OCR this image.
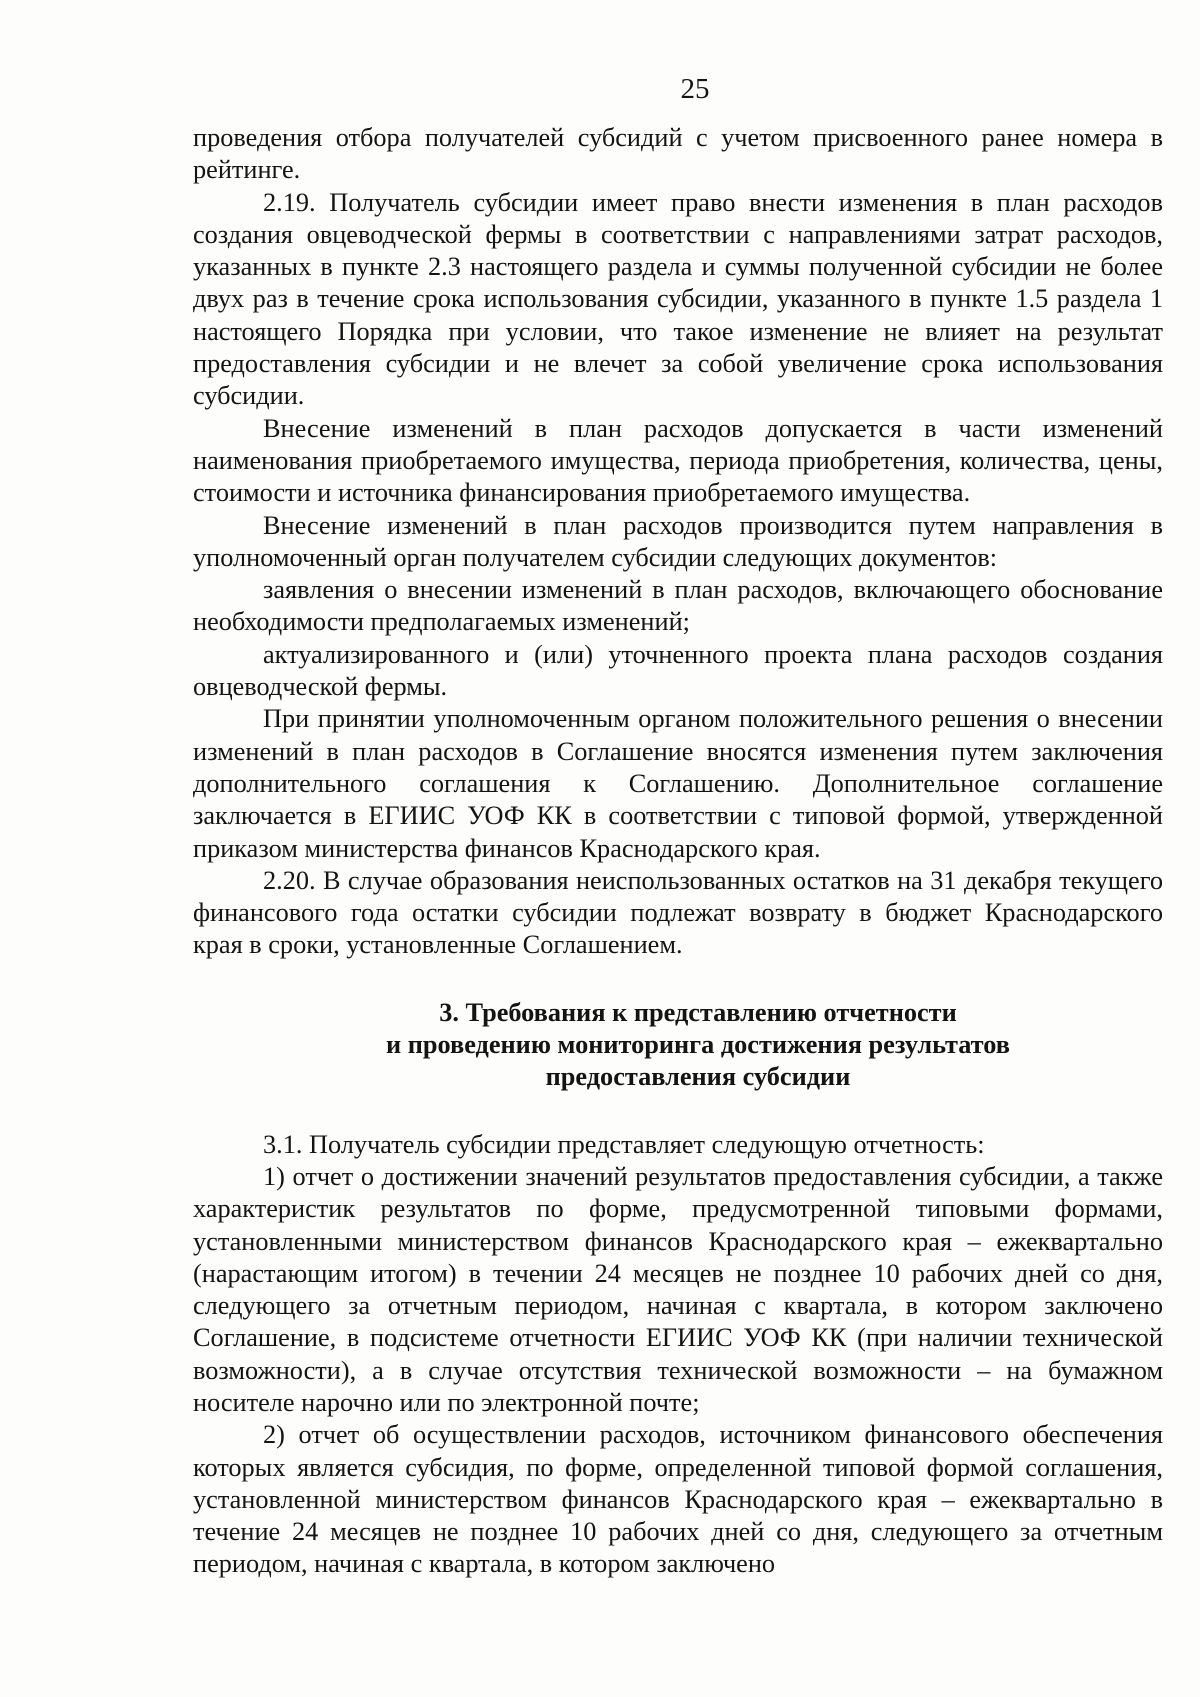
25

проведения отбора получателей субсидий с учетом присвоенного ранее номера в рейтинге.

2.19. Получатель субсидии имеет право внести изменения в план расходов создания овцеводческой фермы в соответствии с направлениями затрат расходов, указанных в пункте 2.3 настоящего раздела и суммы полученной субсидии не более двух раз в течение срока использования субсидии, указанного в пункте 1.5 раздела 1 настоящего Порядка при условии, что такое изменение не влияет на результат предоставления субсидии и не влечет за собой увеличение срока использования субсидии.

Внесение изменений в план расходов допускается в части изменений наименования приобретаемого имущества, периода приобретения, количества, цены, стоимости и источника финансирования приобретаемого имущества.

Внесение изменений в план расходов производится путем направления в уполномоченный орган получателем субсидии следующих документов:

заявления о внесении изменений в план расходов, включающего обоснование необходимости предполагаемых изменений;

актуализированного и (или) уточненного проекта плана расходов создания овцеводческой фермы.

При принятии уполномоченным органом положительного решения о внесении изменений в план расходов в Соглашение вносятся изменения путем заключения дополнительного соглашения к Соглашению. Дополнительное соглашение заключается в ЕГИИС УОФ КК в соответствии с типовой формой, утвержденной приказом министерства финансов Краснодарского края.

2.20. В случае образования неиспользованных остатков на 31 декабря текущего финансового года остатки субсидии подлежат возврату в бюджет Краснодарского края в сроки, установленные Соглашением.

3. Требования к представлению отчетности
и проведению мониторинга достижения результатов
предоставления субсидии

3.1. Получатель субсидии представляет следующую отчетность:

1) отчет о достижении значений результатов предоставления субсидии, а также характеристик результатов по форме, предусмотренной типовыми формами, установленными министерством финансов Краснодарского края – ежеквартально (нарастающим итогом) в течении 24 месяцев не позднее 10 рабочих дней со дня, следующего за отчетным периодом, начиная с квартала, в котором заключено Соглашение, в подсистеме отчетности ЕГИИС УОФ КК (при наличии технической возможности), а в случае отсутствия технической возможности – на бумажном носителе нарочно или по электронной почте;

2) отчет об осуществлении расходов, источником финансового обеспечения которых является субсидия, по форме, определенной типовой формой соглашения, установленной министерством финансов Краснодарского края – ежеквартально в течение 24 месяцев не позднее 10 рабочих дней со дня, следующего за отчетным периодом, начиная с квартала, в котором заключено
